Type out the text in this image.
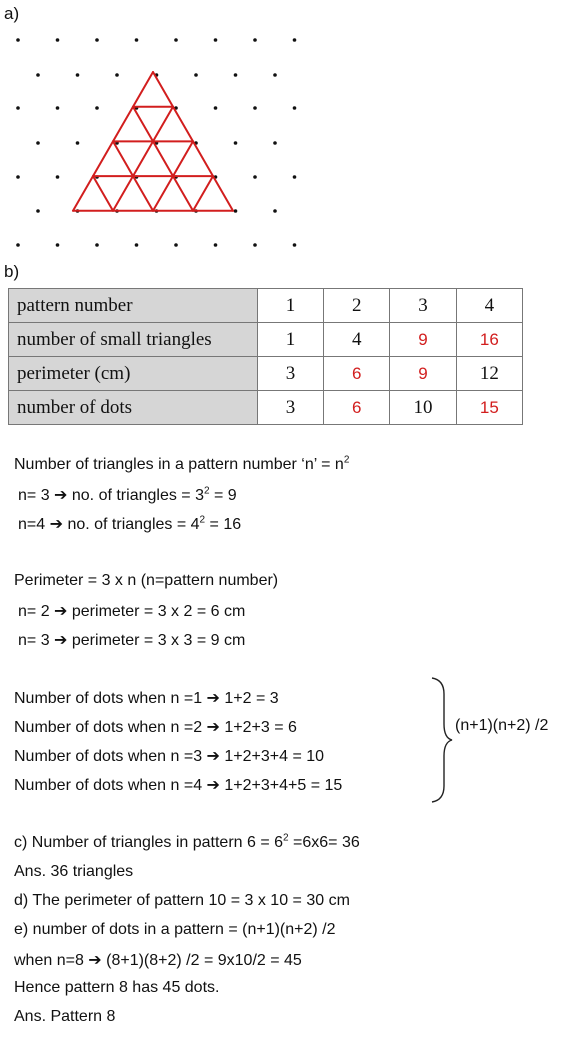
a)
b)
pattern number	1	2	3	4
number of small triangles	1	4	9	16
perimeter (cm)	3	6	9	12
number of dots	3	6	10	15
Number of triangles in a pattern number ‘n’ = $n^2$
n= 3 ➔ no. of triangles = $3^2 = 9$
n=4 ➔ no. of triangles = $4^2 = 16$
Perimeter = 3 x n (n=pattern number)
n= 2 ➔ perimeter = 3 x 2 = 6 cm
n= 3 ➔ perimeter = 3 x 3 = 9 cm
Number of dots when n =1 ➔ 1+2 = 3
Number of dots when n =2 ➔ 1+2+3 = 6
Number of dots when n =3 ➔ 1+2+3+4 = 10
Number of dots when n =4 ➔ 1+2+3+4+5 = 15
(n+1)(n+2) /2
c) Number of triangles in pattern $6 = 6^2 =6x6= 36$
Ans. 36 triangles
d) The perimeter of pattern 10 = 3 x 10 = 30 cm
e) number of dots in a pattern = (n+1)(n+2) /2
when n=8 ➔ (8+1)(8+2) /2 = 9x10/2 = 45
Hence pattern 8 has 45 dots.
Ans. Pattern 8
